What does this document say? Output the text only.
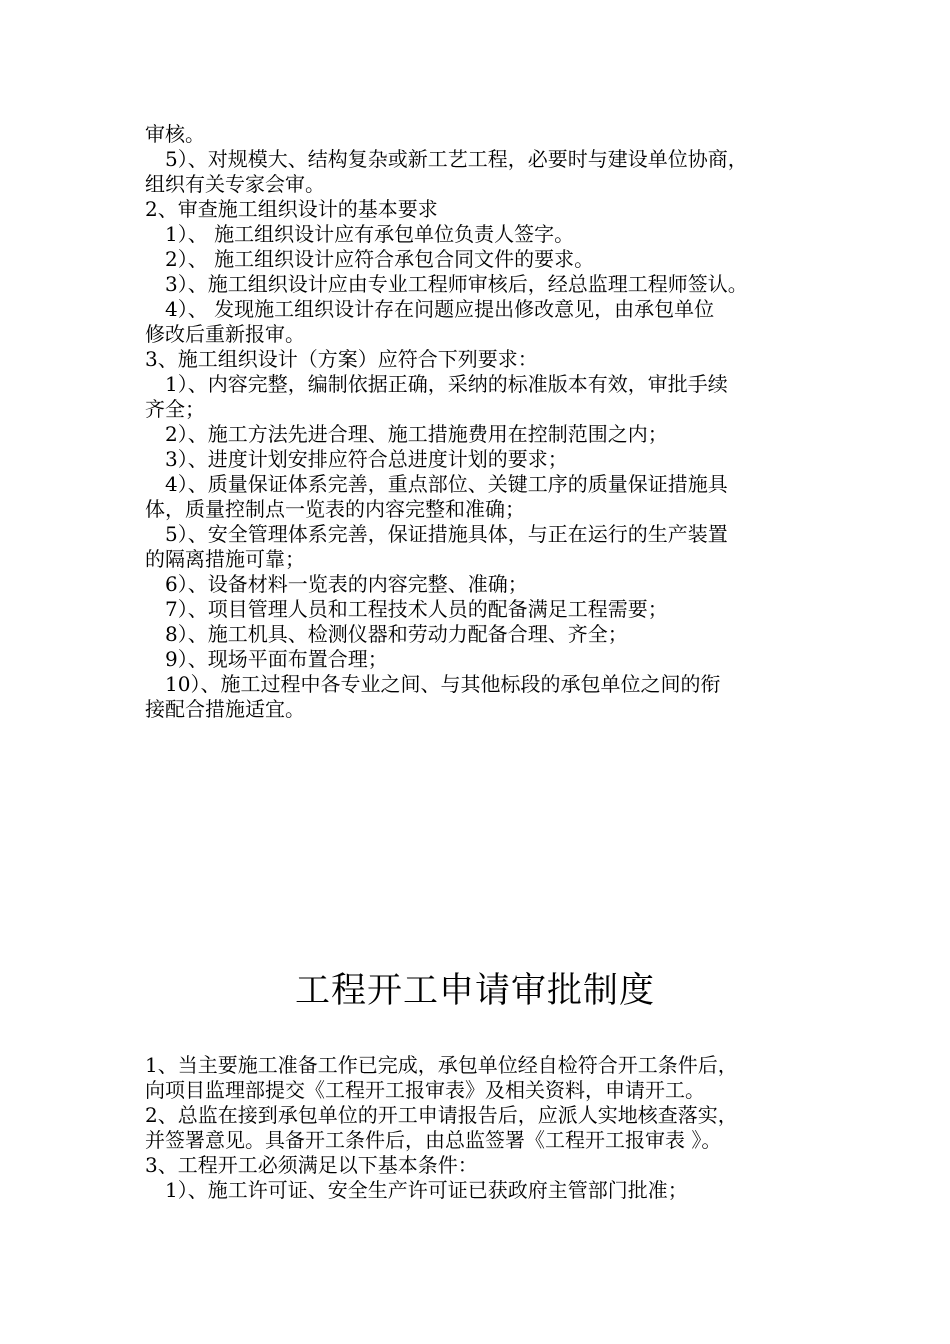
审核。
5）、对规模大、结构复杂或新工艺工程，必要时与建设单位协商，
组织有关专家会审。
2、审查施工组织设计的基本要求
1）、 施工组织设计应有承包单位负责人签字。
2）、 施工组织设计应符合承包合同文件的要求。
3）、施工组织设计应由专业工程师审核后，经总监理工程师签认。
4）、 发现施工组织设计存在问题应提出修改意见，由承包单位
修改后重新报审。
3、施工组织设计（方案）应符合下列要求：
1）、内容完整，编制依据正确，采纳的标准版本有效，审批手续
齐全；
2）、施工方法先进合理、施工措施费用在控制范围之内；
3）、进度计划安排应符合总进度计划的要求；
4）、质量保证体系完善，重点部位、关键工序的质量保证措施具
体，质量控制点一览表的内容完整和准确；
5）、安全管理体系完善，保证措施具体，与正在运行的生产装置
的隔离措施可靠；
6）、设备材料一览表的内容完整、准确；
7）、项目管理人员和工程技术人员的配备满足工程需要；
8）、施工机具、检测仪器和劳动力配备合理、齐全；
9）、现场平面布置合理；
10）、施工过程中各专业之间、与其他标段的承包单位之间的衔
接配合措施适宜。
工程开工申请审批制度
1、当主要施工准备工作已完成，承包单位经自检符合开工条件后，
向项目监理部提交《工程开工报审表》及相关资料，申请开工。
2、总监在接到承包单位的开工申请报告后，应派人实地核查落实，
并签署意见。具备开工条件后，由总监签署《工程开工报审表 》。
3、工程开工必须满足以下基本条件：
1）、施工许可证、安全生产许可证已获政府主管部门批准；
